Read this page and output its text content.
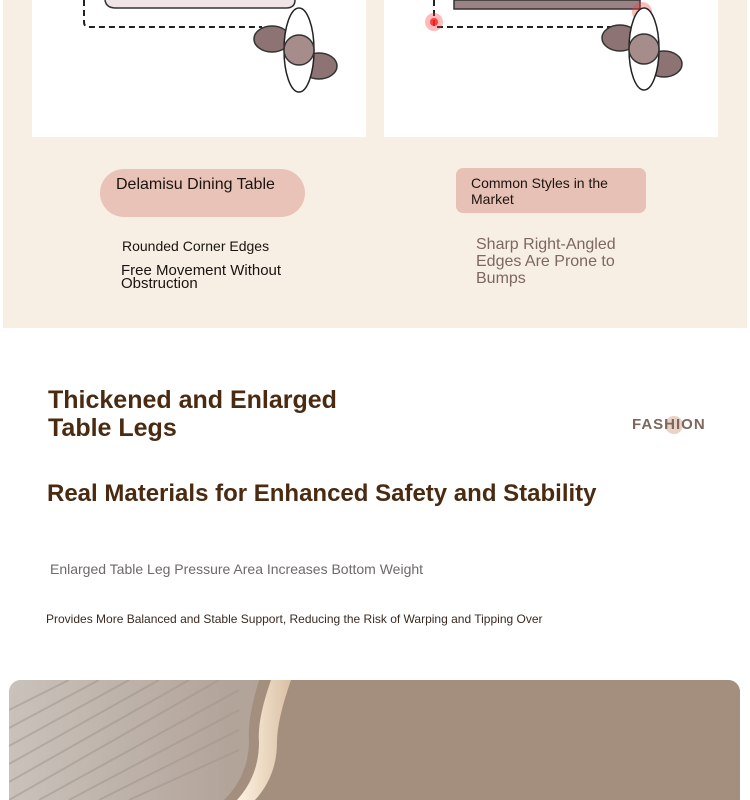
Delamisu Dining Table	Common Styles in the Market
Rounded Corner Edges
Free Movement Without Obstruction
Sharp Right-Angled Edges Are Prone to Bumps
Thickened and Enlarged Table Legs	FASHION
Real Materials for Enhanced Safety and Stability
Enlarged Table Leg Pressure Area Increases Bottom Weight
Provides More Balanced and Stable Support, Reducing the Risk of Warping and Tipping Over
